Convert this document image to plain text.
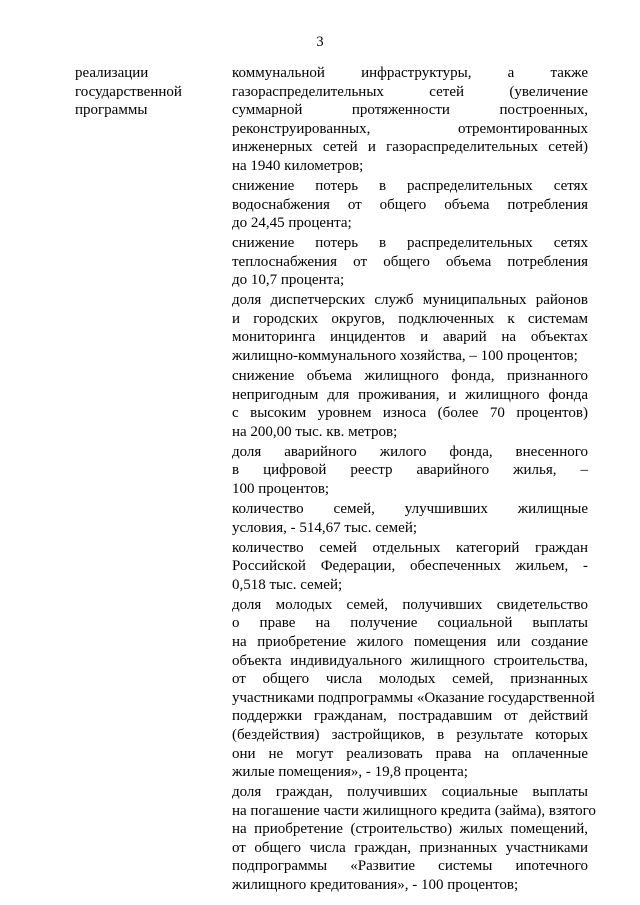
3
реализации
государственной
программы
коммунальной инфраструктуры, а также
газораспределительных сетей (увеличение
суммарной протяженности построенных,
реконструированных, отремонтированных
инженерных сетей и газораспределительных сетей)
на 1940 километров;
снижение потерь в распределительных сетях
водоснабжения от общего объема потребления
до 24,45 процента;
снижение потерь в распределительных сетях
теплоснабжения от общего объема потребления
до 10,7 процента;
доля диспетчерских служб муниципальных районов
и городских округов, подключенных к системам
мониторинга инцидентов и аварий на объектах
жилищно-коммунального хозяйства, – 100 процентов;
снижение объема жилищного фонда, признанного
непригодным для проживания, и жилищного фонда
с высоким уровнем износа (более 70 процентов)
на 200,00 тыс. кв. метров;
доля аварийного жилого фонда, внесенного
в цифровой реестр аварийного жилья, –
100 процентов;
количество семей, улучшивших жилищные
условия, - 514,67 тыс. семей;
количество семей отдельных категорий граждан
Российской Федерации, обеспеченных жильем, -
0,518 тыс. семей;
доля молодых семей, получивших свидетельство
о праве на получение социальной выплаты
на приобретение жилого помещения или создание
объекта индивидуального жилищного строительства,
от общего числа молодых семей, признанных
участниками подпрограммы «Оказание государственной
поддержки гражданам, пострадавшим от действий
(бездействия) застройщиков, в результате которых
они не могут реализовать права на оплаченные
жилые помещения», - 19,8 процента;
доля граждан, получивших социальные выплаты
на погашение части жилищного кредита (займа), взятого
на приобретение (строительство) жилых помещений,
от общего числа граждан, признанных участниками
подпрограммы «Развитие системы ипотечного
жилищного кредитования», - 100 процентов;
